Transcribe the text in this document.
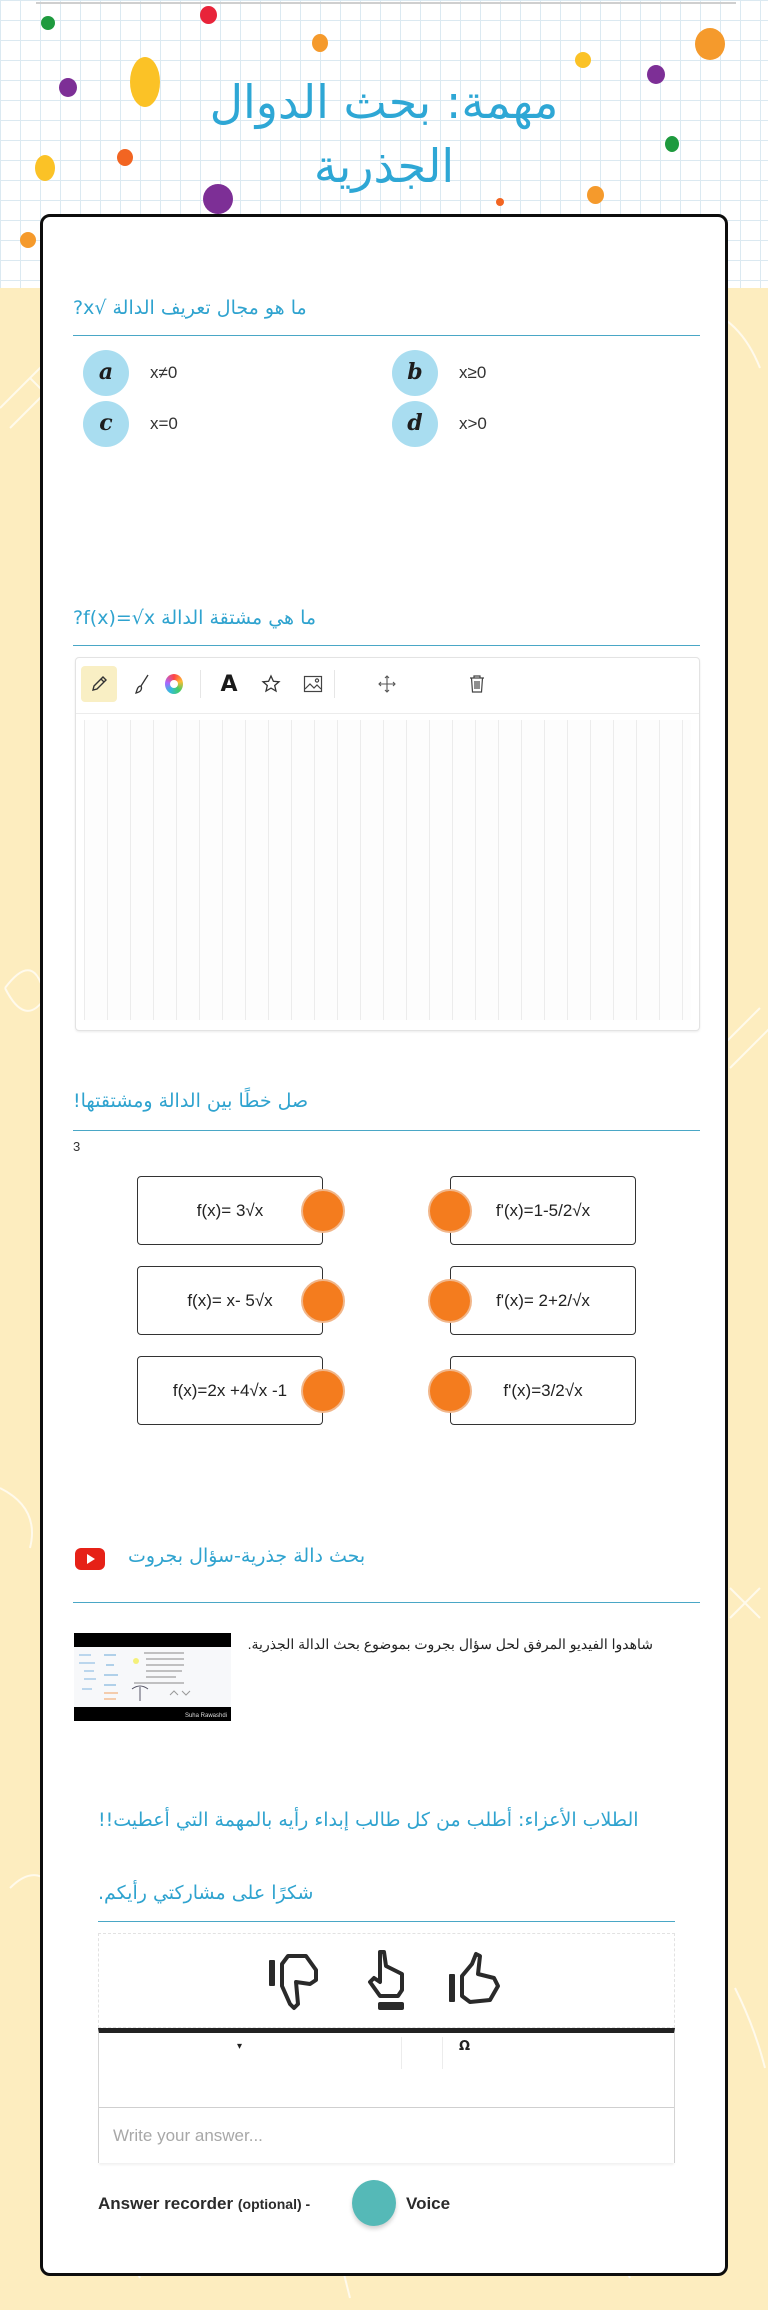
مهمة: بحث الدوال
الجذرية
ما هو مجال تعريف الدالة √x?
a	x≠0	b	x≥0
c	x=0	d	x>0
ما هي مشتقة الدالة f(x)=√x?
A
صل خطًا بين الدالة ومشتقتها!
3
f(x)= 3√x	f'(x)=1-5/2√x
f(x)= x- 5√x	f'(x)= 2+2/√x
f(x)=2x +4√x -1	f'(x)=3/2√x
بحث دالة جذرية-سؤال بجروت
Suha Rawashdi
شاهدوا الفيديو المرفق لحل سؤال بجروت بموضوع بحث الدالة الجذرية.
الطلاب الأعزاء: أطلب من كل طالب إبداء رأيه بالمهمة التي أعطيت!!
شكرًا على مشاركتي رأيكم.
▾	Ω
Write your answer...
Answer recorder (optional) -	Voice
